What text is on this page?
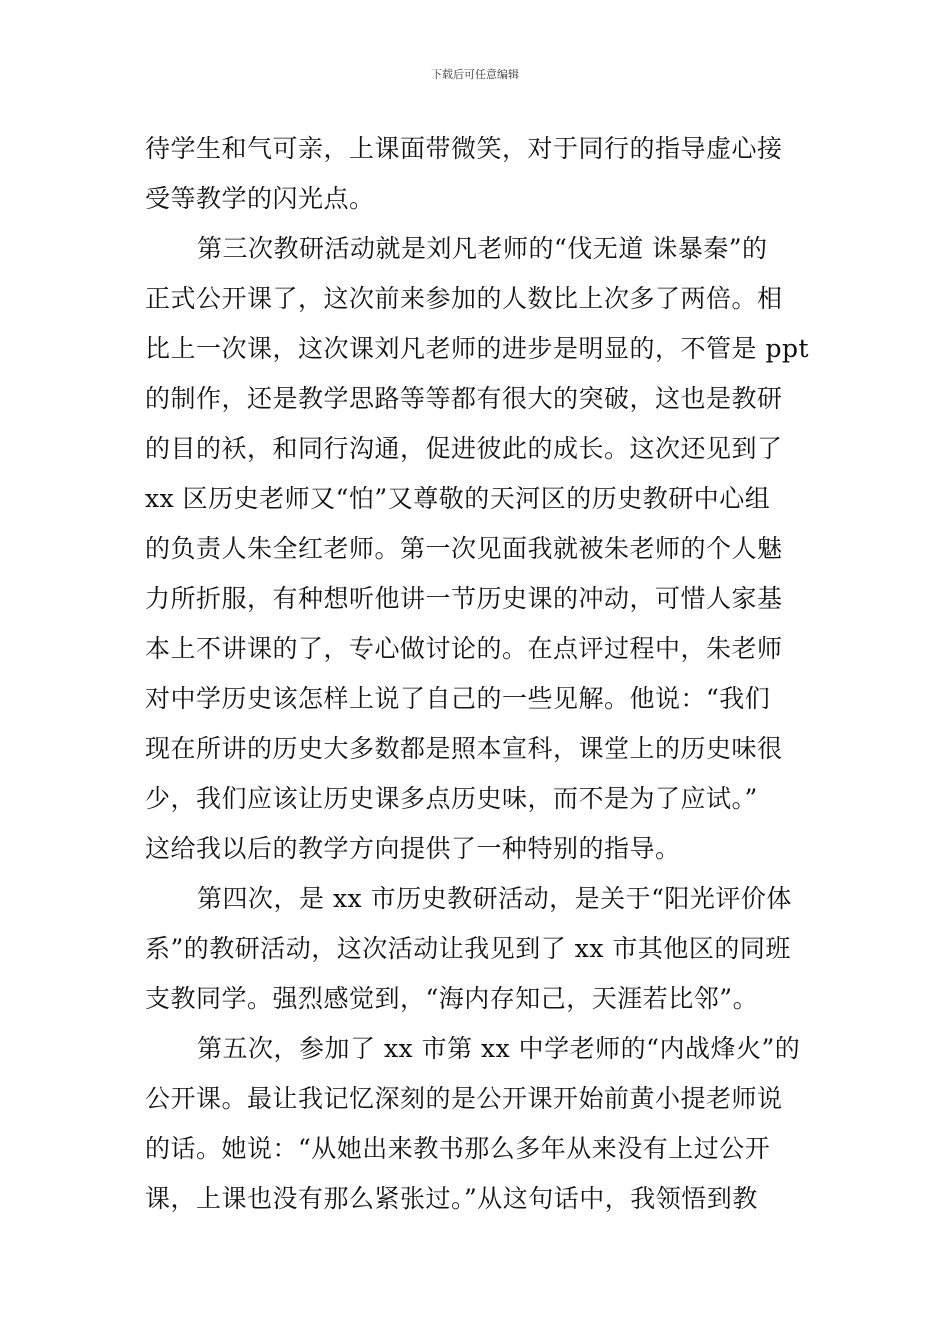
下载后可任意编辑
待学生和气可亲，上课面带微笑，对于同行的指导虚心接
受等教学的闪光点。
第三次教研活动就是刘凡老师的“伐无道 诛暴秦”的
正式公开课了，这次前来参加的人数比上次多了两倍。相
比上一次课，这次课刘凡老师的进步是明显的，不管是 ppt
的制作，还是教学思路等等都有很大的突破，这也是教研
的目的袄，和同行沟通，促进彼此的成长。这次还见到了
xx 区历史老师又“怕”又尊敬的天河区的历史教研中心组
的负责人朱全红老师。第一次见面我就被朱老师的个人魅
力所折服，有种想听他讲一节历史课的冲动，可惜人家基
本上不讲课的了，专心做讨论的。在点评过程中，朱老师
对中学历史该怎样上说了自己的一些见解。他说：“我们
现在所讲的历史大多数都是照本宣科，课堂上的历史味很
少，我们应该让历史课多点历史味，而不是为了应试。”
这给我以后的教学方向提供了一种特别的指导。
第四次，是 xx 市历史教研活动，是关于“阳光评价体
系”的教研活动，这次活动让我见到了 xx 市其他区的同班
支教同学。强烈感觉到，“海内存知己，天涯若比邻”。
第五次，参加了 xx 市第 xx 中学老师的“内战烽火”的
公开课。最让我记忆深刻的是公开课开始前黄小提老师说
的话。她说：“从她出来教书那么多年从来没有上过公开
课，上课也没有那么紧张过。”从这句话中，我领悟到教
